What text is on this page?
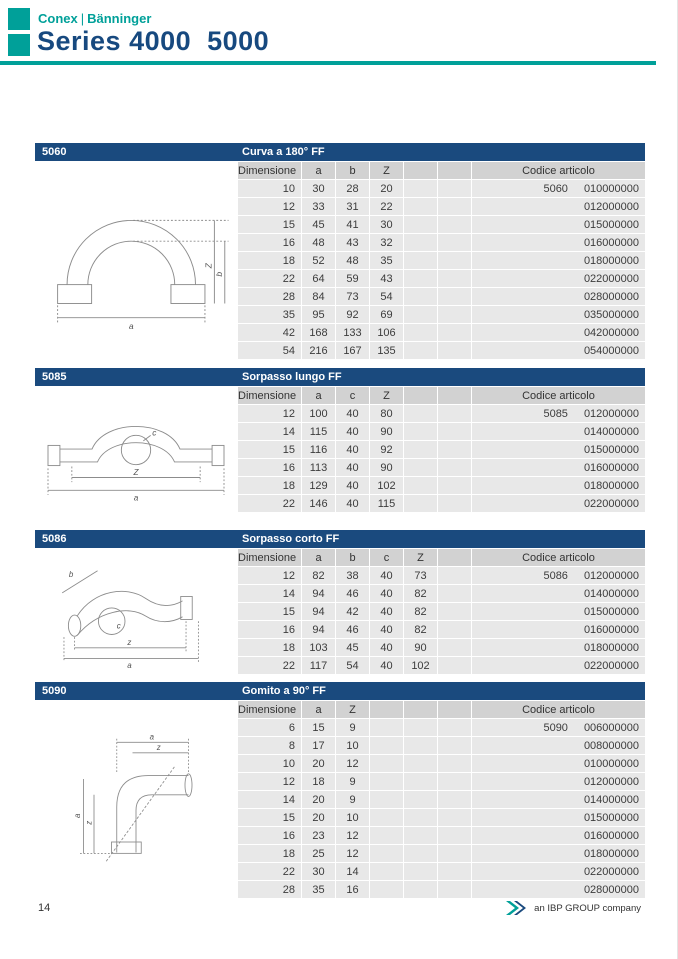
Conex | Bänninger
Series 4000  5000
5060	Curva a 180° FF
a
Z
b
Dimensione	a	b	Z			Codice articolo
10	30	28	20			5060 010000000
12	33	31	22			012000000
15	45	41	30			015000000
16	48	43	32			016000000
18	52	48	35			018000000
22	64	59	43			022000000
28	84	73	54			028000000
35	95	92	69			035000000
42	168	133	106			042000000
54	216	167	135			054000000
5085	Sorpasso lungo FF
c
Z
a
Dimensione	a	c	Z			Codice articolo
12	100	40	80			5085 012000000
14	115	40	90			014000000
15	116	40	92			015000000
16	113	40	90			016000000
18	129	40	102			018000000
22	146	40	115			022000000
5086	Sorpasso corto FF
b
c
z
a
Dimensione	a	b	c	Z		Codice articolo
12	82	38	40	73		5086 012000000
14	94	46	40	82		014000000
15	94	42	40	82		015000000
16	94	46	40	82		016000000
18	103	45	40	90		018000000
22	117	54	40	102		022000000
5090	Gomito a 90° FF
a
z
a
z
Dimensione	a	Z				Codice articolo
6	15	9				5090 006000000
8	17	10				008000000
10	20	12				010000000
12	18	9				012000000
14	20	9				014000000
15	20	10				015000000
16	23	12				016000000
18	25	12				018000000
22	30	14				022000000
28	35	16				028000000
14	an IBP GROUP company
